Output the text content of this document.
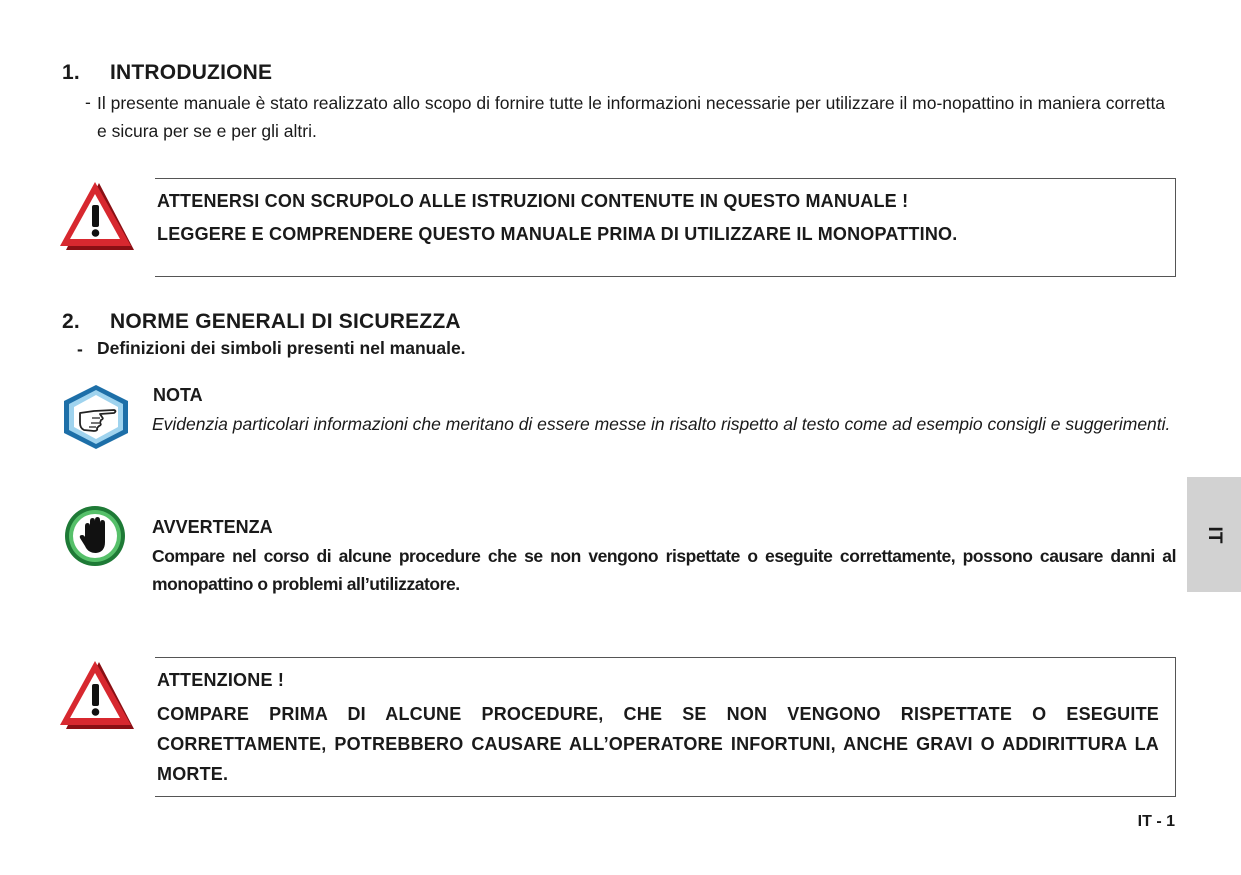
1. INTRODUZIONE
- Il presente manuale è stato realizzato allo scopo di fornire tutte le informazioni necessarie per utilizzare il mo-nopattino in maniera corretta e sicura per se e per gli altri.
ATTENERSI CON SCRUPOLO ALLE ISTRUZIONI CONTENUTE IN QUESTO MANUALE !
LEGGERE E COMPRENDERE QUESTO MANUALE PRIMA DI UTILIZZARE IL MONOPATTINO.
2. NORME GENERALI DI SICUREZZA
- Definizioni dei simboli presenti nel manuale.
NOTA
Evidenzia particolari informazioni che meritano di essere messe in risalto rispetto al testo come ad esempio consigli e suggerimenti.
AVVERTENZA
Compare nel corso di alcune procedure che se non vengono rispettate o eseguite correttamente, possono causare danni al monopattino o problemi all’utilizzatore.
ATTENZIONE !
COMPARE PRIMA DI ALCUNE PROCEDURE, CHE SE NON VENGONO RISPETTATE O ESEGUITE CORRETTAMENTE, POTREBBERO CAUSARE ALL’OPERATORE INFORTUNI, ANCHE GRAVI O ADDIRITTURA LA MORTE.
IT
IT - 1
